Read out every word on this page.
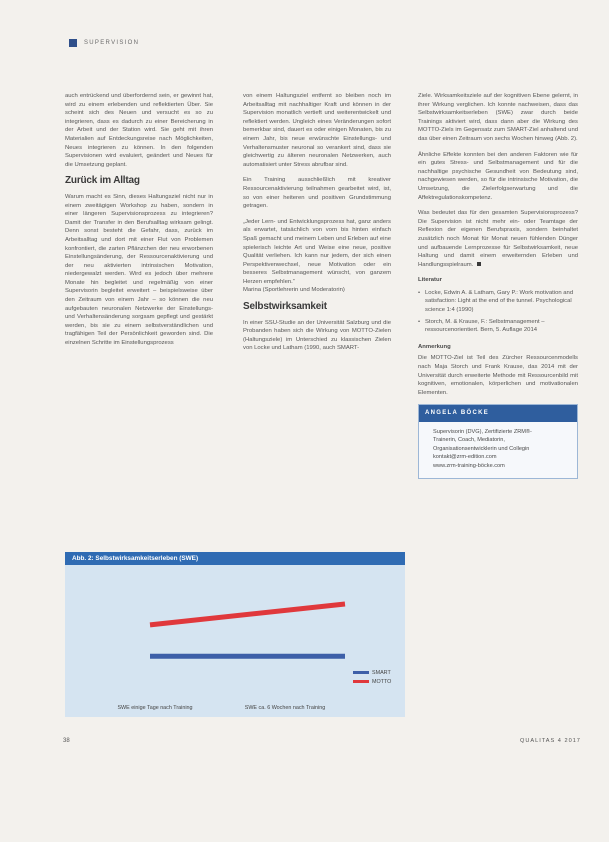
SUPERVISION

auch entrückend und überfordernd sein, er gewinnt hat, wird zu einem erlebenden und reflektierten Über. Sie scheint sich des Neuen und versucht es so zu integrieren, dass es dadurch zu einer Bereicherung in der Arbeit und der Station wird. Sie geht mit ihren Materialien auf Entdeckungsreise nach Möglichkeiten, Neues integrieren zu können. In den folgenden Supervisionen wird evaluiert, geändert und Neues für die Umsetzung geplant.

Zurück im Alltag

Warum macht es Sinn, dieses Haltungsziel nicht nur in einem zweitägigen Workshop zu haben, sondern in einer längeren Supervisionsprozess zu integrieren? Damit der Transfer in den Berufsalltag wirksam gelingt. Denn sonst besteht die Gefahr, dass, zurück im Arbeitsalltag und dort mit einer Flut von Problemen konfrontiert, die zarten Pflänzchen der neu erworbenen Einstellungsänderung, der Ressourcenaktivierung und der neu aktivierten intrinsischen Motivation, niedergewalzt werden. Wird es jedoch über mehrere Monate hin begleitet und regelmäßig von einer Supervisorin begleitet erweitert – beispielsweise über den Zeitraum von einem Jahr – so können die neu aufgebauten neuronalen Netzwerke der Einstellungs- und Verhaltensänderung sorgsam gepflegt und gestärkt werden, bis sie zu einem selbstverständlichen und tragfähigen Teil der Persönlichkeit geworden sind. Die einzelnen Schritte im Einstellungsprozess

von einem Haltungsziel entfernt so bleiben noch im Arbeitsalltag mit nachhaltiger Kraft und können in der Supervision monatlich vertieft und weiterentwickelt und reflektiert werden. Ungleich eines Veränderungen sofort bemerkbar sind, dauert es oder einigen Monaten, bis zu einem Jahr, bis neue erwünschte Einstellungs- und Verhaltensmuster neuronal so verankert sind, dass sie gleichwertig zu älteren neuronalen Netzwerken, auch automatisiert unter Stress abrufbar sind.

Ein Training ausschließlich mit kreativer Ressourcenaktivierung teilnahmen gearbeitet wird, ist, so von einer heiteren und positiven Grundstimmung getragen.

„Jeder Lern- und Entwicklungsprozess hat, ganz anders als erwartet, tatsächlich von vorn bis hinten einfach Spaß gemacht und meinem Leben und Erleben auf eine spielerisch leichte Art und Weise eine neue, positive Qualität verliehen. Ich kann nur jedem, der sich einen Perspektivenwechsel, neue Motivation oder ein besseres Selbstmanagement wünscht, von ganzem Herzen empfehlen.“

Marina (Sportlehrerin und Moderatorin)

Selbstwirksamkeit

In einer SSU-Studie an der Universität Salzburg und die Probanden haben sich die Wirkung von MOTTO-Zielen (Haltungsziele) im Unterschied zu klassischen Zielen von Locke und Latham (1990, auch SMART-

Ziele. Wirksamkeitsziele auf der kognitiven Ebene gelernt, in ihrer Wirkung verglichen. Ich konnte nachweisen, dass das Selbstwirksamkeitserleben (SWE) zwar durch beide Trainings aktiviert wird, dass dann aber die Wirkung des MOTTO-Ziels im Gegensatz zum SMART-Ziel anhaltend und das über einen Zeitraum von sechs Wochen hinweg (Abb. 2).

Ähnliche Effekte konnten bei den anderen Faktoren wie für ein gutes Stress- und Selbstmanagement und für die nachhaltige psychische Gesundheit von Bedeutung sind, nachgewiesen werden, so für die intrinsische Motivation, die Umsetzung, die Zielerfolgserwartung und die Affektregulationskompetenz.

Was bedeutet das für den gesamten Supervisionsprozess? Die Supervision ist nicht mehr ein- oder Teamtage der Reflexion der eigenen Berufspraxis, sondern beinhaltet zusätzlich noch Monat für Monat neuen fühlenden Dünger und aufbauende Lernprozesse für Selbstwirksamkeit, neue Haltung und damit einem erweiternden Erleben und Handlungsspielraum.

Literatur
• Locke, Edwin A. & Latham, Gary P.: Work motivation and satisfaction: Light at the end of the tunnel. Psychological science 1:4 (1990)
• Storch, M. & Krause, F.: Selbstmanagement – ressourcenorientiert. Bern, 5. Auflage 2014
Anmerkung

Die MOTTO-Ziel ist Teil des Zürcher Ressourcenmodells nach Maja Storch und Frank Krause, das 2014 mit der Universität durch erweiterte Methode mit Ressourcenbild mit kognitiven, emotionalen, körperlichen und motivationalen Elementen.

ANGELA BÖCKE
Supervisorin (DVG), Zertifizierte ZRM®-
Trainerin, Coach, Mediatorin,
Organisationsentwicklerin und Collegin
kontakt@zrm-edition.com
www.zrm-training-böcke.com
Abb. 2: Selbstwirksamkeitserleben (SWE)
SMART
MOTTO
SWE einige Tage nach Training	SWE ca. 6 Wochen nach Training
38	QUALITAS 4 2017
